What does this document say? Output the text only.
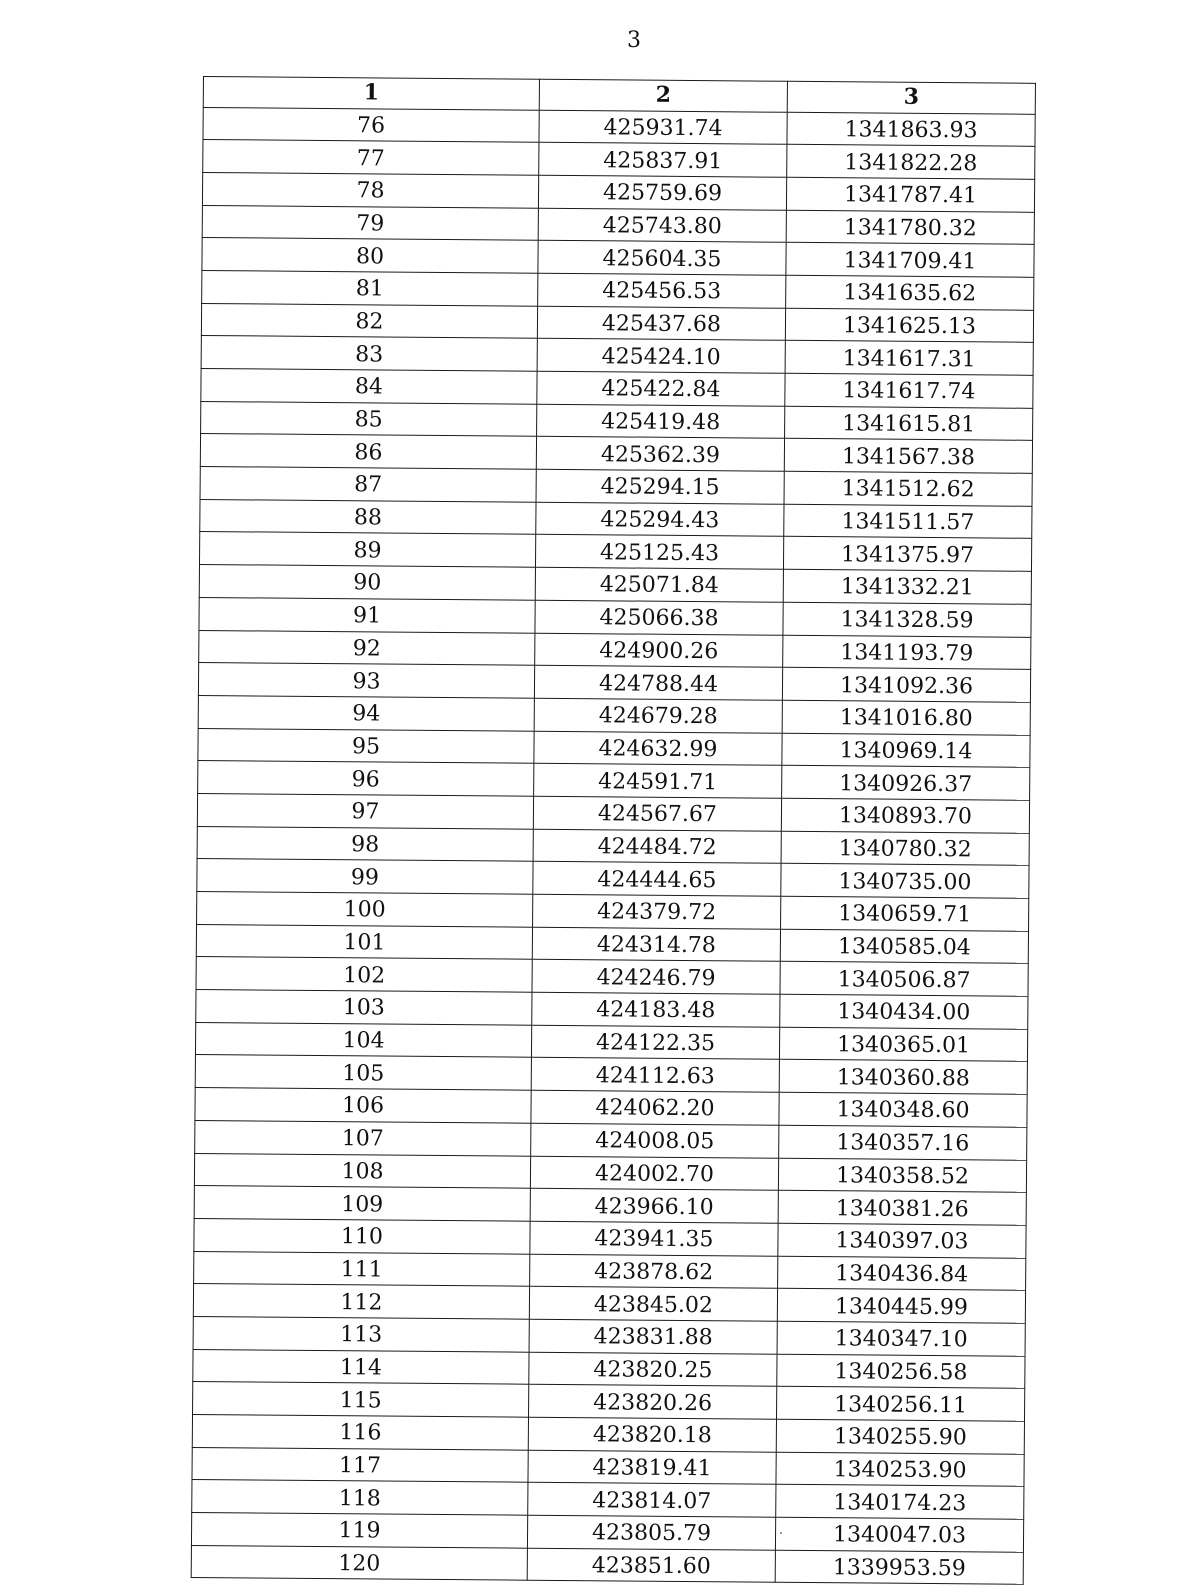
3
1	2	3
76	425931.74	1341863.93
77	425837.91	1341822.28
78	425759.69	1341787.41
79	425743.80	1341780.32
80	425604.35	1341709.41
81	425456.53	1341635.62
82	425437.68	1341625.13
83	425424.10	1341617.31
84	425422.84	1341617.74
85	425419.48	1341615.81
86	425362.39	1341567.38
87	425294.15	1341512.62
88	425294.43	1341511.57
89	425125.43	1341375.97
90	425071.84	1341332.21
91	425066.38	1341328.59
92	424900.26	1341193.79
93	424788.44	1341092.36
94	424679.28	1341016.80
95	424632.99	1340969.14
96	424591.71	1340926.37
97	424567.67	1340893.70
98	424484.72	1340780.32
99	424444.65	1340735.00
100	424379.72	1340659.71
101	424314.78	1340585.04
102	424246.79	1340506.87
103	424183.48	1340434.00
104	424122.35	1340365.01
105	424112.63	1340360.88
106	424062.20	1340348.60
107	424008.05	1340357.16
108	424002.70	1340358.52
109	423966.10	1340381.26
110	423941.35	1340397.03
111	423878.62	1340436.84
112	423845.02	1340445.99
113	423831.88	1340347.10
114	423820.25	1340256.58
115	423820.26	1340256.11
116	423820.18	1340255.90
117	423819.41	1340253.90
118	423814.07	1340174.23
119	423805.79	1340047.03
120	423851.60	1339953.59
